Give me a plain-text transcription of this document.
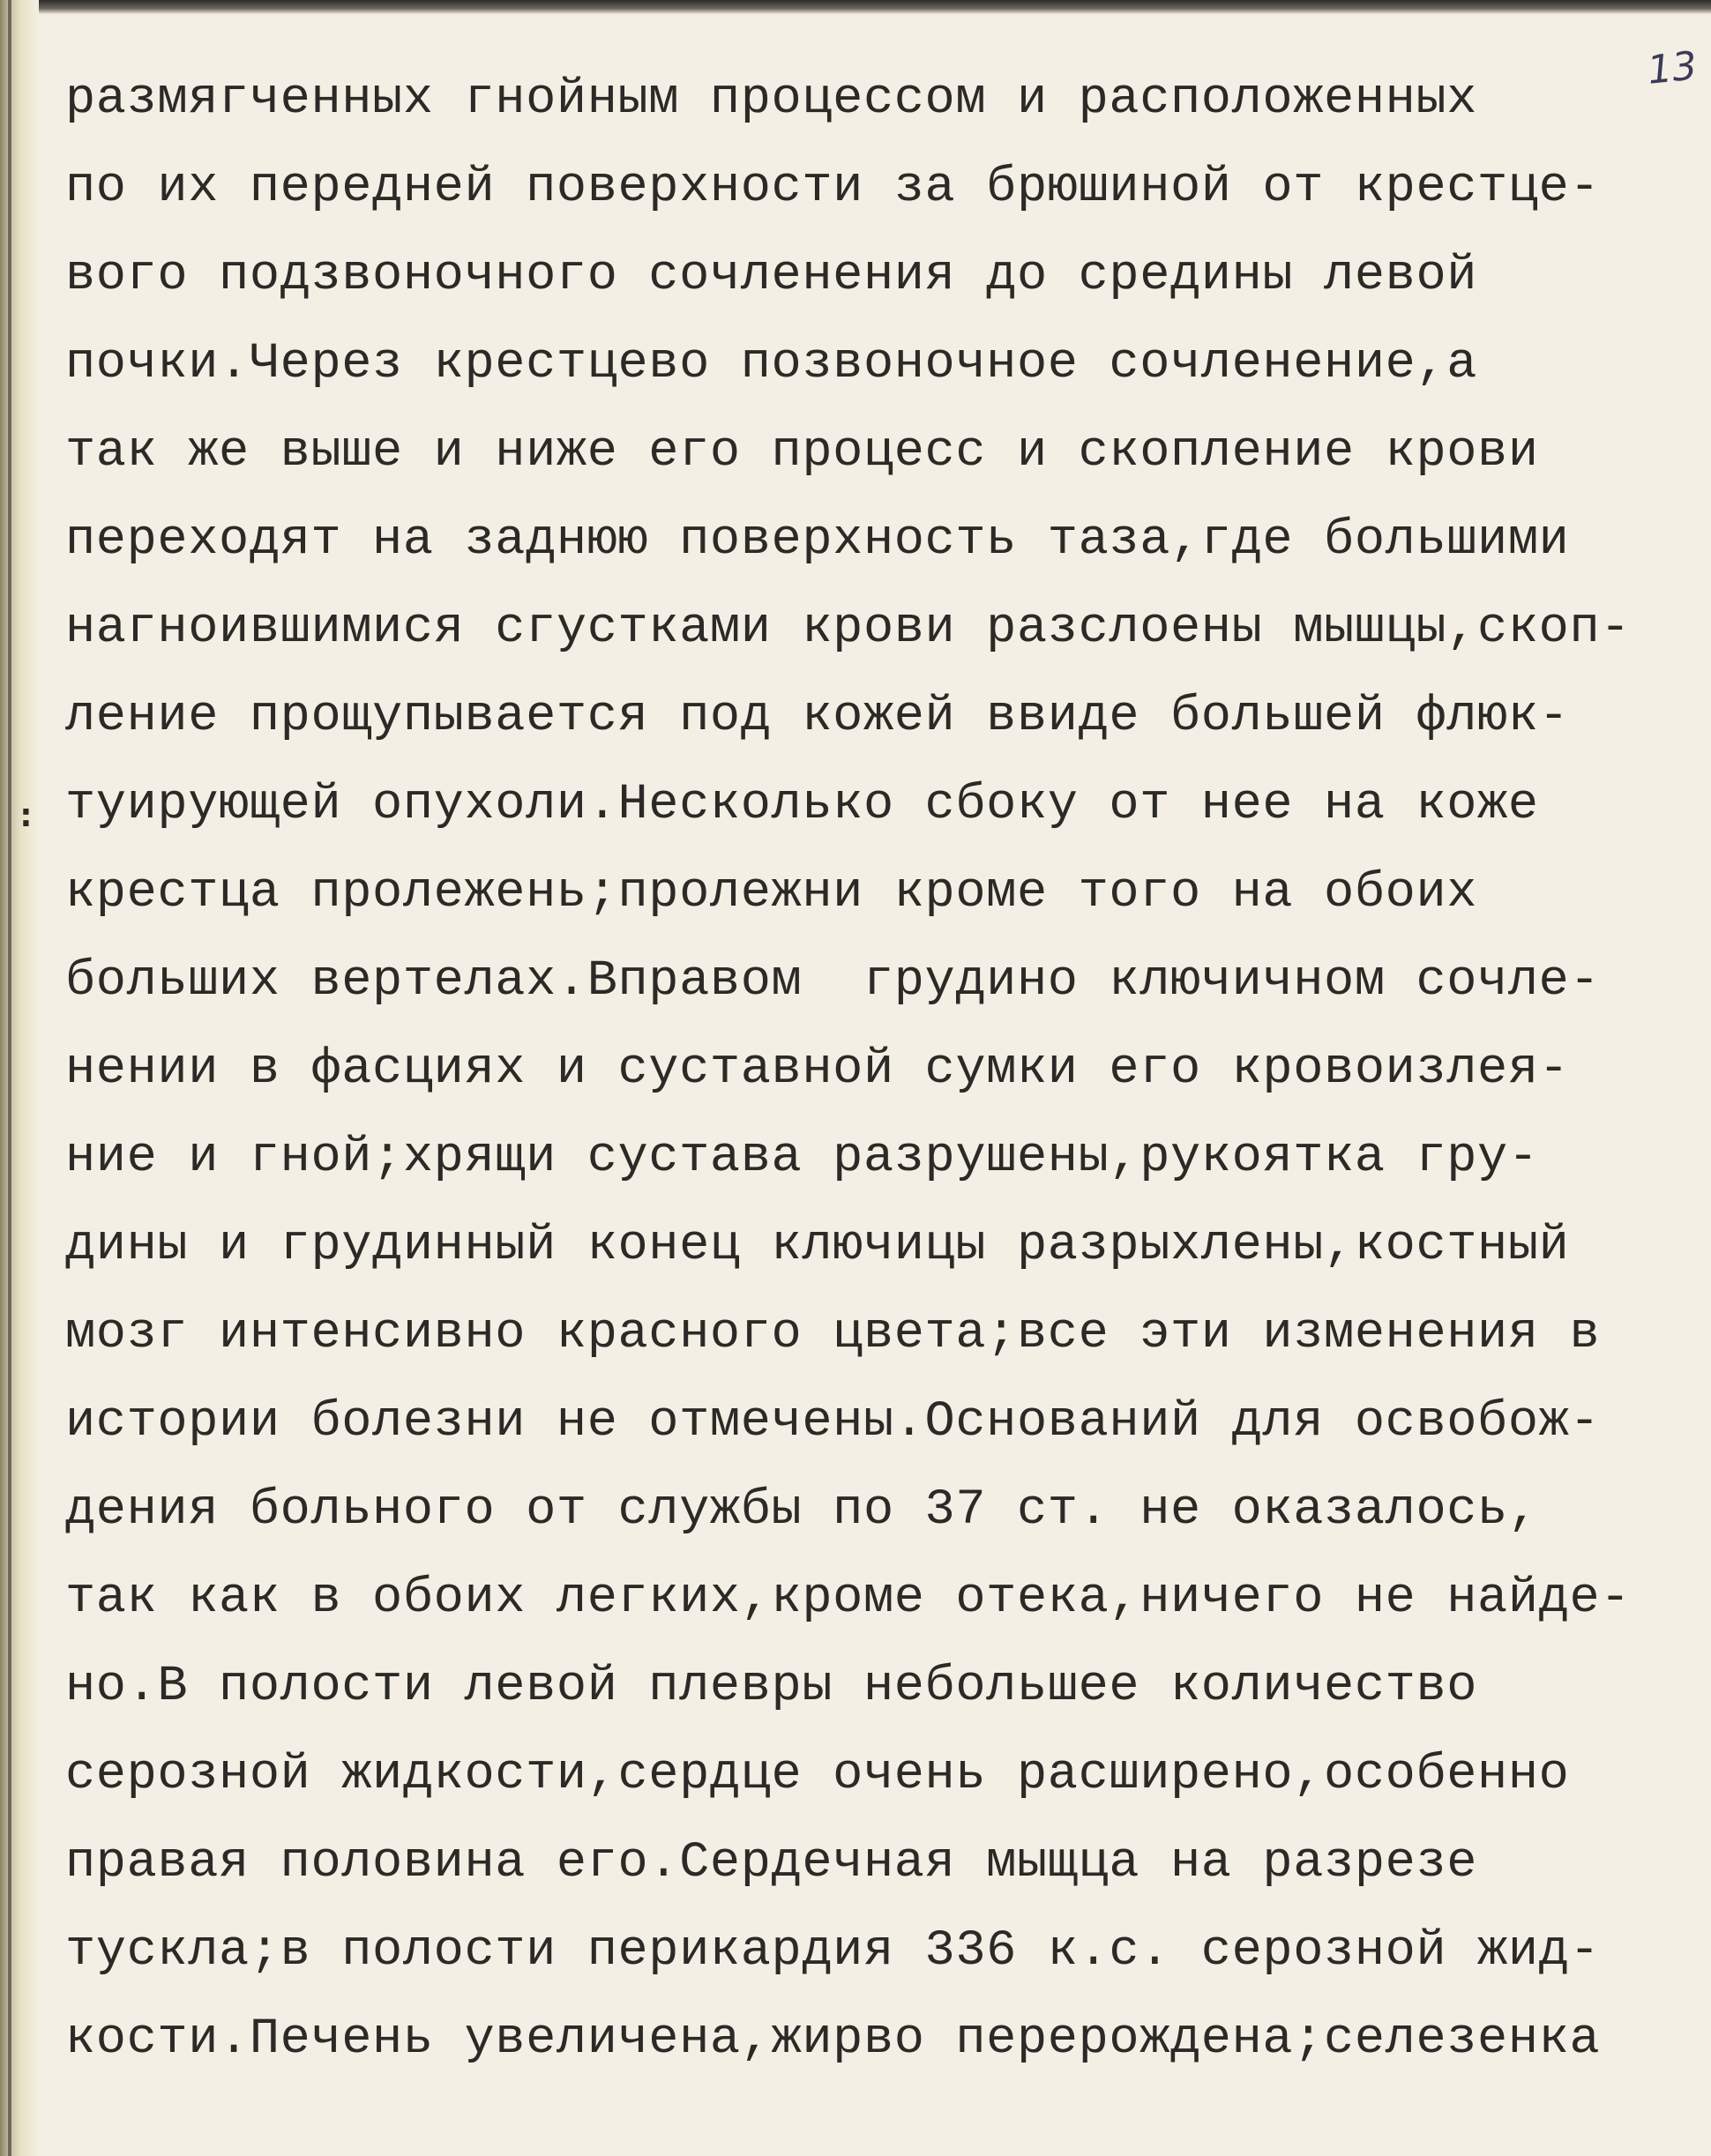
13
:
размягченных гнойным процессом и расположенных
по их передней поверхности за брюшиной от крестце-
вого подзвоночного сочленения до средины левой
почки.Через крестцево позвоночное сочленение,а
так же выше и ниже его процесс и скопление крови
переходят на заднюю поверхность таза,где большими
нагноившимися сгустками крови разслоены мышцы,скоп-
ление прощупывается под кожей ввиде большей флюк-
туирующей опухоли.Несколько сбоку от нее на коже
крестца пролежень;пролежни кроме того на обоих
больших вертелах.Вправом  грудино ключичном сочле-
нении в фасциях и суставной сумки его кровоизлея-
ние и гной;хрящи сустава разрушены,рукоятка гру-
дины и грудинный конец ключицы разрыхлены,костный
мозг интенсивно красного цвета;все эти изменения в
истории болезни не отмечены.Оснований для освобож-
дения больного от службы по 37 ст. не оказалось,
так как в обоих легких,кроме отека,ничего не найде-
но.В полости левой плевры небольшее количество
серозной жидкости,сердце очень расширено,особенно
правая половина его.Сердечная мыщца на разрезе
тускла;в полости перикардия 336 к.с. серозной жид-
кости.Печень увеличена,жирво перерождена;селезенка
